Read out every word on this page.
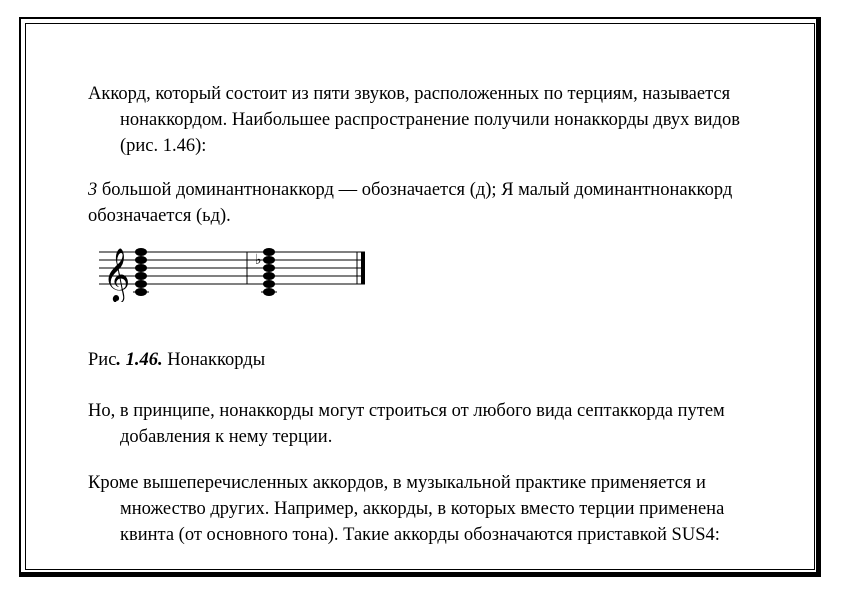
Аккорд, который состоит из пяти звуков, расположенных по терциям, называется
нонаккордом. Наибольшее распространение получили нонаккорды двух видов
(рис. 1.46):
3 большой доминантнонаккорд — обозначается (д); Я малый доминантнонаккорд
обозначается (ьд).
𝄞	♭
Рис. 1.46. Нонаккорды
Но, в принципе, нонаккорды могут строиться от любого вида септаккорда путем
добавления к нему терции.
Кроме вышеперечисленных аккордов, в музыкальной практике применяется и
множество других. Например, аккорды, в которых вместо терции применена
квинта (от основного тона). Такие аккорды обозначаются приставкой SUS4:
